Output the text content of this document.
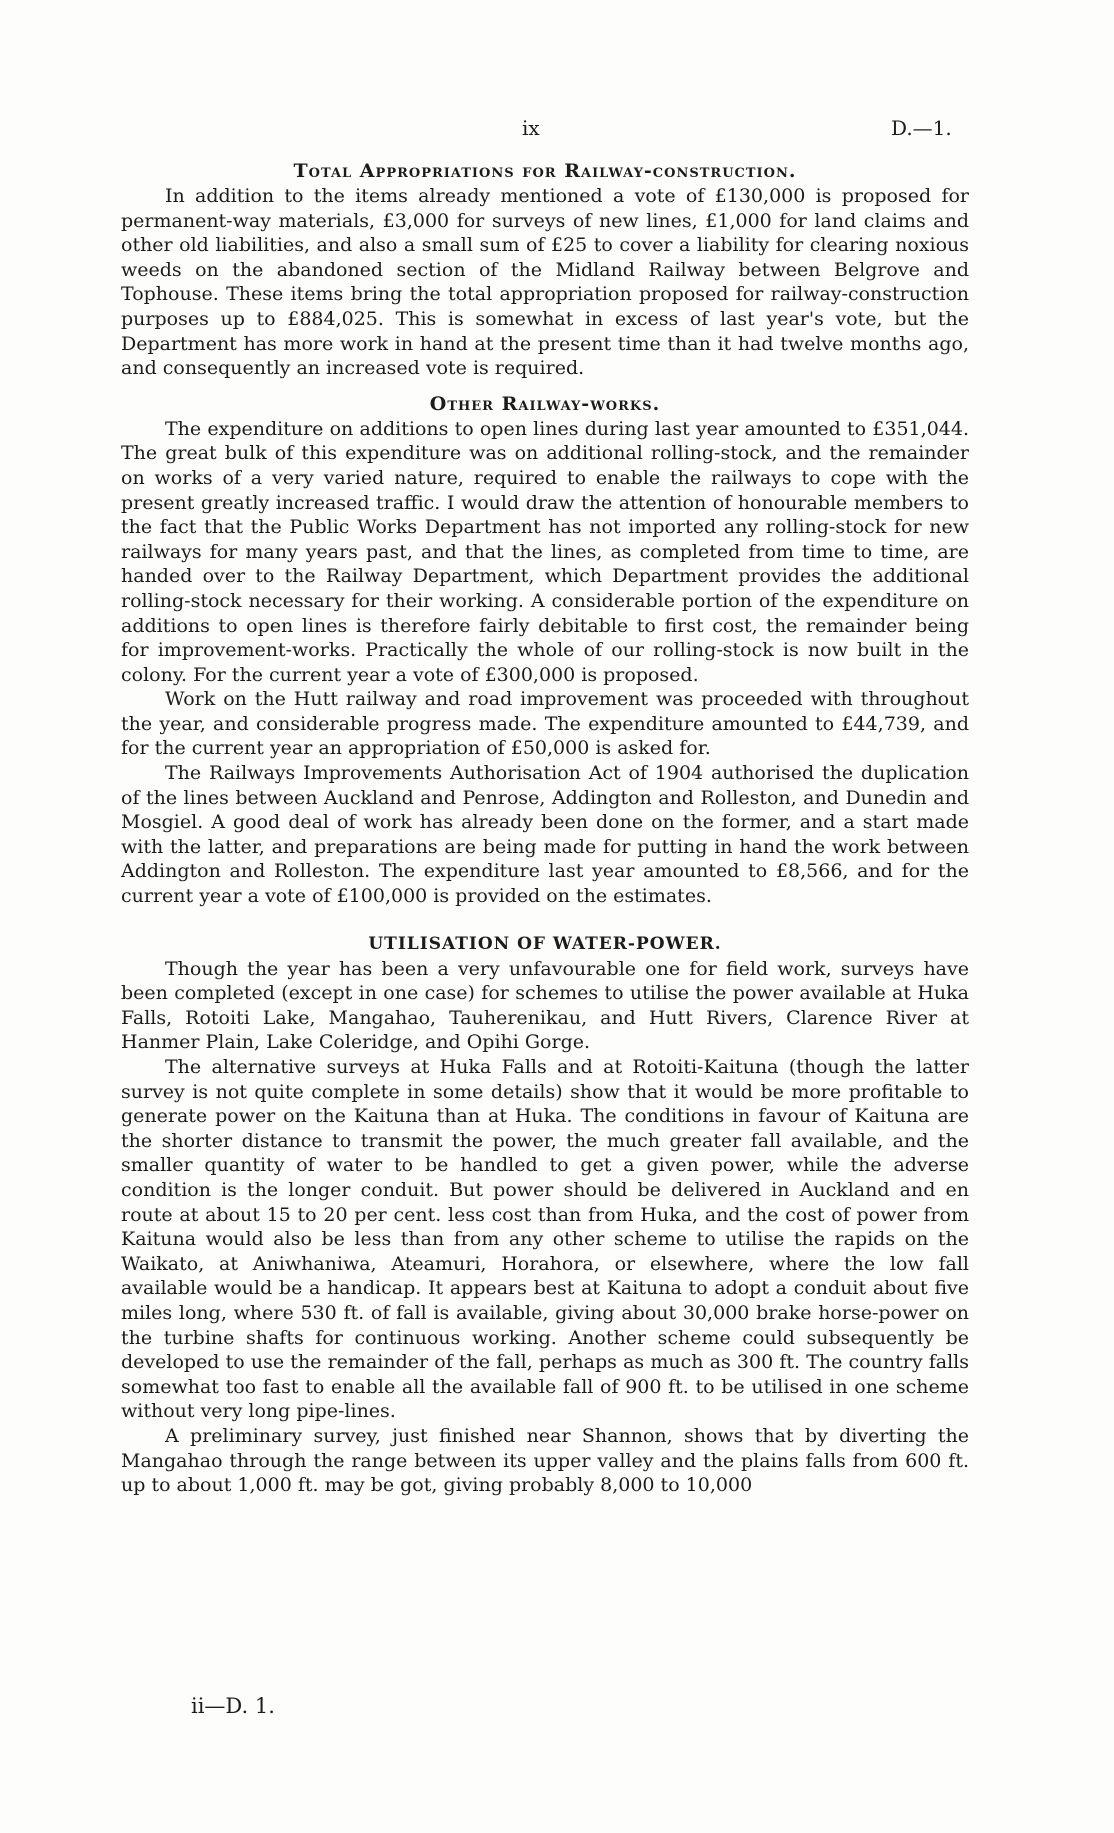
ix	D.—1.
Total Appropriations for Railway-construction.

In addition to the items already mentioned a vote of £130,000 is proposed for permanent-way materials, £3,000 for surveys of new lines, £1,000 for land claims and other old liabilities, and also a small sum of £25 to cover a liability for clearing noxious weeds on the abandoned section of the Midland Railway between Belgrove and Tophouse. These items bring the total appropriation proposed for railway-construction purposes up to £884,025. This is somewhat in excess of last year's vote, but the Department has more work in hand at the present time than it had twelve months ago, and consequently an increased vote is required.

Other Railway-works.

The expenditure on additions to open lines during last year amounted to £351,044. The great bulk of this expenditure was on additional rolling-stock, and the remainder on works of a very varied nature, required to enable the railways to cope with the present greatly increased traffic. I would draw the attention of honourable members to the fact that the Public Works Department has not imported any rolling-stock for new railways for many years past, and that the lines, as completed from time to time, are handed over to the Railway Department, which Department provides the additional rolling-stock necessary for their working. A considerable portion of the expenditure on additions to open lines is therefore fairly debitable to first cost, the remainder being for improvement-works. Practically the whole of our rolling-stock is now built in the colony. For the current year a vote of £300,000 is proposed.

Work on the Hutt railway and road improvement was proceeded with throughout the year, and considerable progress made. The expenditure amounted to £44,739, and for the current year an appropriation of £50,000 is asked for.

The Railways Improvements Authorisation Act of 1904 authorised the duplication of the lines between Auckland and Penrose, Addington and Rolleston, and Dunedin and Mosgiel. A good deal of work has already been done on the former, and a start made with the latter, and preparations are being made for putting in hand the work between Addington and Rolleston. The expenditure last year amounted to £8,566, and for the current year a vote of £100,000 is provided on the estimates.

UTILISATION OF WATER-POWER.

Though the year has been a very unfavourable one for field work, surveys have been completed (except in one case) for schemes to utilise the power available at Huka Falls, Rotoiti Lake, Mangahao, Tauherenikau, and Hutt Rivers, Clarence River at Hanmer Plain, Lake Coleridge, and Opihi Gorge.

The alternative surveys at Huka Falls and at Rotoiti-Kaituna (though the latter survey is not quite complete in some details) show that it would be more profitable to generate power on the Kaituna than at Huka. The conditions in favour of Kaituna are the shorter distance to transmit the power, the much greater fall available, and the smaller quantity of water to be handled to get a given power, while the adverse condition is the longer conduit. But power should be delivered in Auckland and en route at about 15 to 20 per cent. less cost than from Huka, and the cost of power from Kaituna would also be less than from any other scheme to utilise the rapids on the Waikato, at Aniwhaniwa, Ateamuri, Horahora, or elsewhere, where the low fall available would be a handicap. It appears best at Kaituna to adopt a conduit about five miles long, where 530 ft. of fall is available, giving about 30,000 brake horse-power on the turbine shafts for continuous working. Another scheme could subsequently be developed to use the remainder of the fall, perhaps as much as 300 ft. The country falls somewhat too fast to enable all the available fall of 900 ft. to be utilised in one scheme without very long pipe-lines.

A preliminary survey, just finished near Shannon, shows that by diverting the Mangahao through the range between its upper valley and the plains falls from 600 ft. up to about 1,000 ft. may be got, giving probably 8,000 to 10,000

ii—D. 1.
